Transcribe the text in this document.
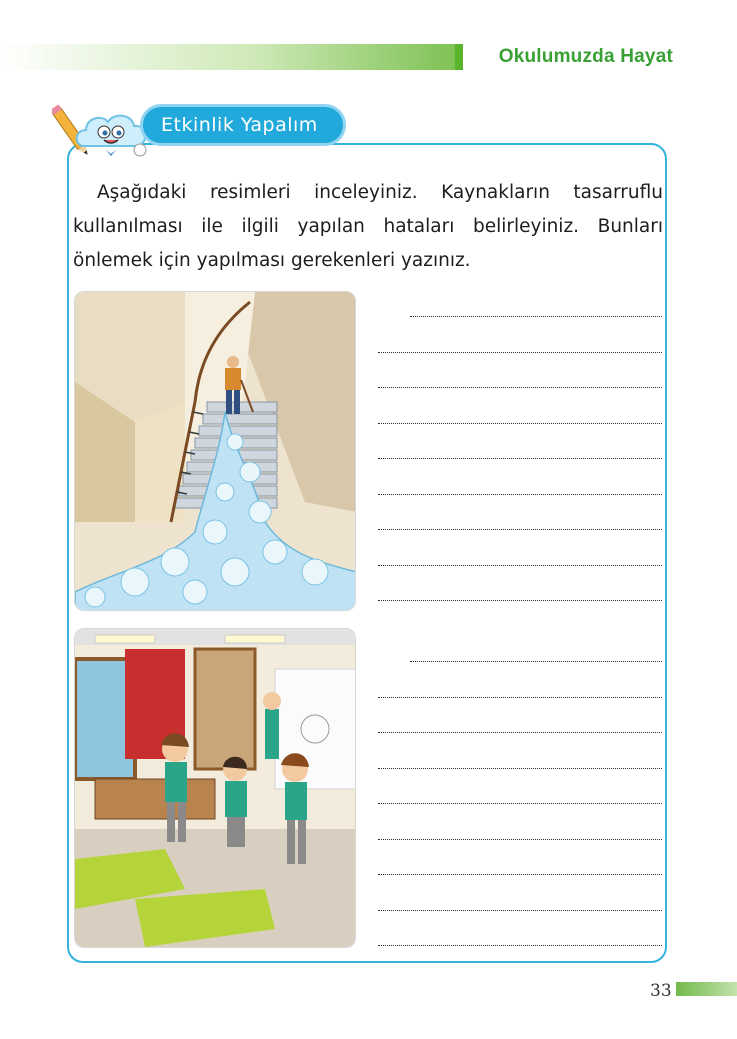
Okulumuzda Hayat
Etkinlik Yapalım
Aşağıdaki resimleri inceleyiniz. Kaynakların tasarruflu kullanılması ile ilgili yapılan hataları belirleyiniz. Bunları önlemek için yapılması gerekenleri yazınız.
33
